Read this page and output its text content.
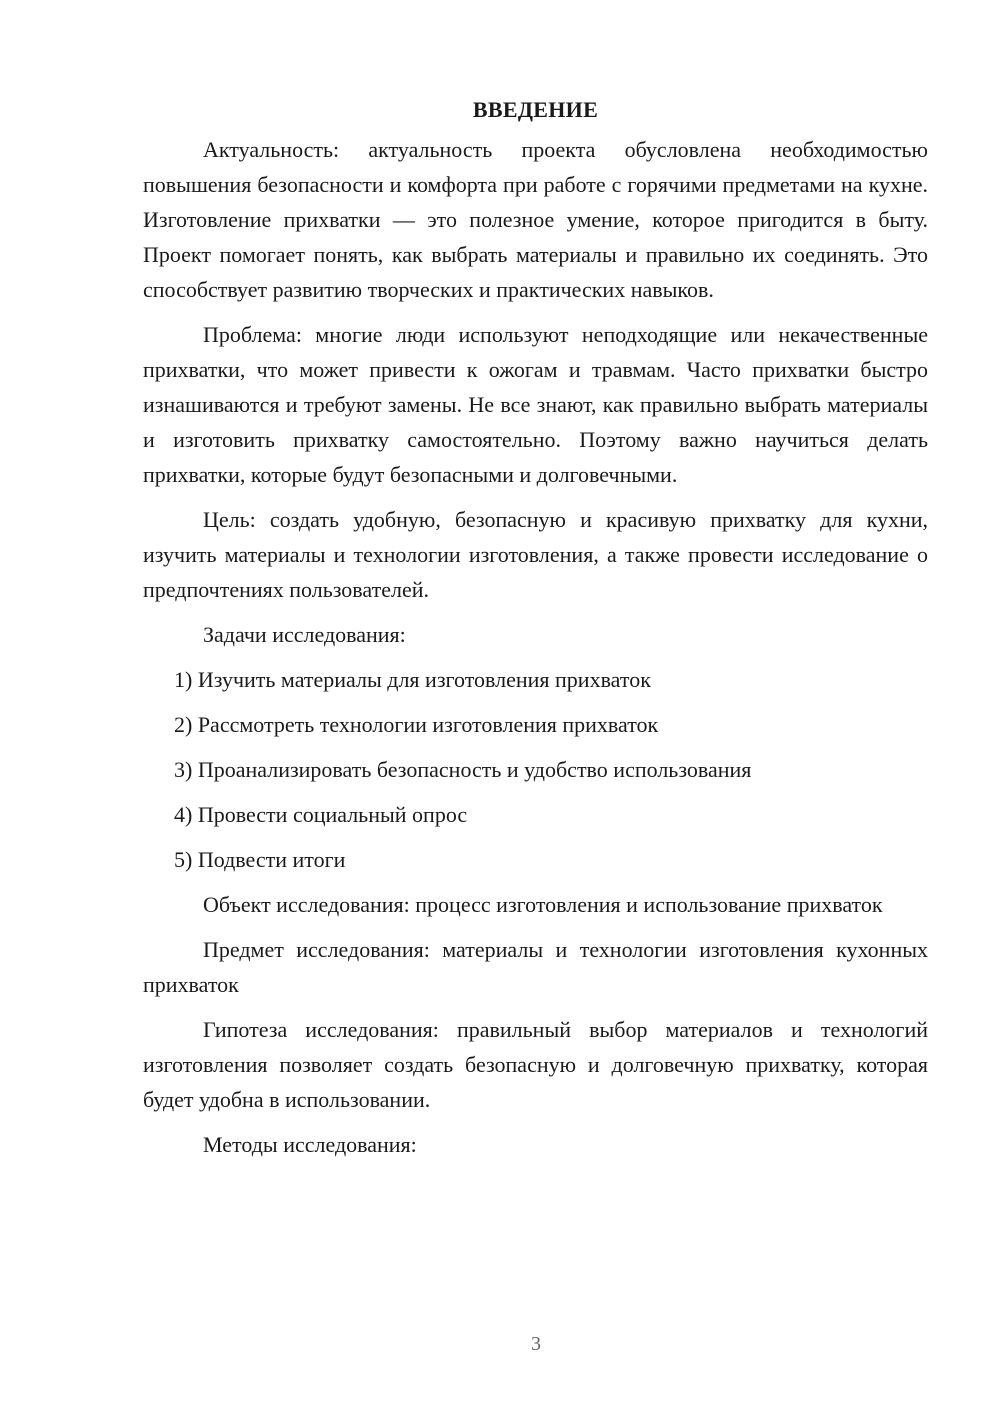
ВВЕДЕНИЕ

Актуальность: актуальность проекта обусловлена необходимостью повышения безопасности и комфорта при работе с горячими предметами на кухне. Изготовление прихватки — это полезное умение, которое пригодится в быту. Проект помогает понять, как выбрать материалы и правильно их соединять. Это способствует развитию творческих и практических навыков.

Проблема: многие люди используют неподходящие или некачественные прихватки, что может привести к ожогам и травмам. Часто прихватки быстро изнашиваются и требуют замены. Не все знают, как правильно выбрать материалы и изготовить прихватку самостоятельно. Поэтому важно научиться делать прихватки, которые будут безопасными и долговечными.

Цель: создать удобную, безопасную и красивую прихватку для кухни, изучить материалы и технологии изготовления, а также провести исследование о предпочтениях пользователей.

Задачи исследования:

1) Изучить материалы для изготовления прихваток
2) Рассмотреть технологии изготовления прихваток
3) Проанализировать безопасность и удобство использования
4) Провести социальный опрос
5) Подвести итоги

Объект исследования: процесс изготовления и использование прихваток

Предмет исследования: материалы и технологии изготовления кухонных прихваток

Гипотеза исследования: правильный выбор материалов и технологий изготовления позволяет создать безопасную и долговечную прихватку, которая будет удобна в использовании.

Методы исследования:

3
